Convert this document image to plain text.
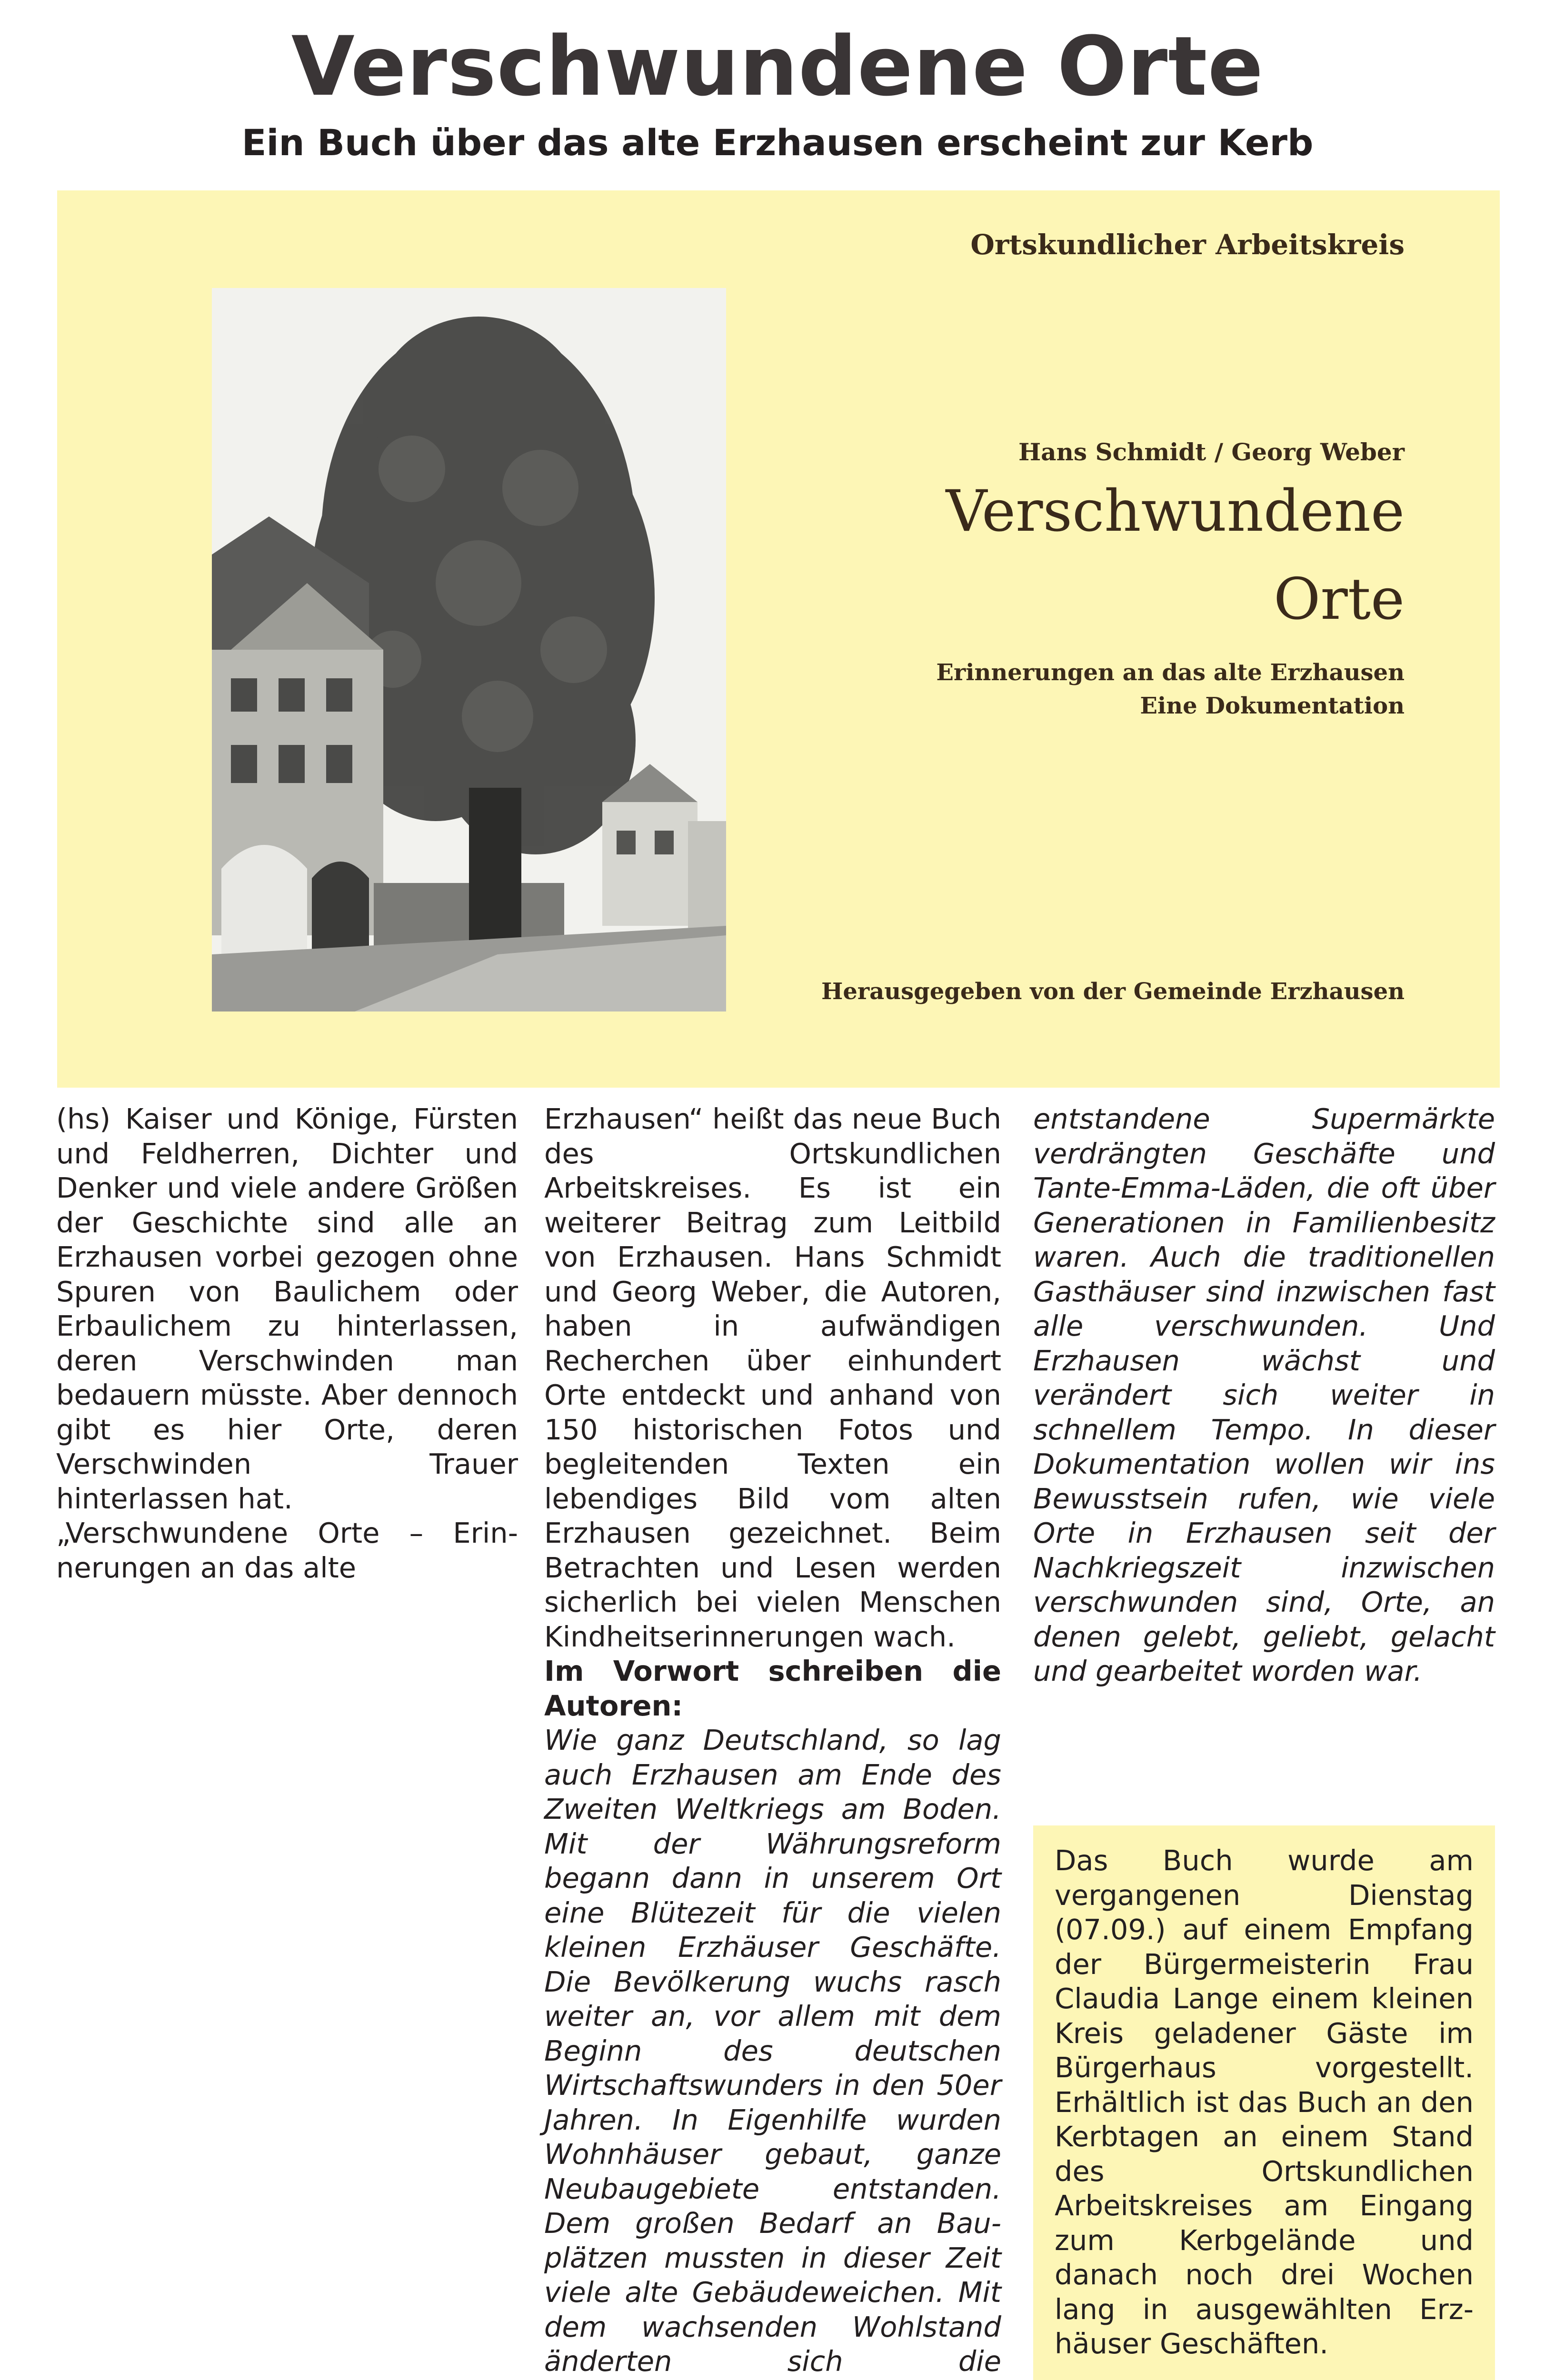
Verschwundene Orte
Ein Buch über das alte Erzhausen erscheint zur Kerb

Ortskundlicher Arbeitskreis

Hans Schmidt / Georg Weber

Verschwundene

Orte

Erinnerungen an das alte Erzhausen

Eine Dokumentation

Herausgegeben von der Gemeinde Erzhausen

(hs) Kaiser und Könige, Fürsten und Feldherren, Dichter und Denker und viele andere Größen der Geschichte sind alle an Erzhausen vorbei gezogen ohne Spuren von Baulichem oder Erbaulichem zu hinterlassen, deren Verschwinden man bedauern müsste. Aber dennoch gibt es hier Orte, deren Verschwinden Trauer hinterlassen hat.

„Verschwundene Orte – Erinnerungen an das alte

Erzhausen“ heißt das neue Buch des Ortskundlichen Arbeitskreises. Es ist ein weiterer Beitrag zum Leitbild von Erzhausen. Hans Schmidt und Georg Weber, die Autoren, haben in aufwändigen Recherchen über einhundert Orte entdeckt und anhand von 150 historischen Fotos und begleitenden Texten ein lebendiges Bild vom alten Erzhausen gezeichnet. Beim Betrachten und Lesen werden sicherlich bei vielen Menschen Kindheitserinnerungen wach.

Im Vorwort schreiben die Autoren:

Wie ganz Deutschland, so lag auch Erzhausen am Ende des Zweiten Weltkriegs am Boden. Mit der Währungsreform begann dann in unserem Ort eine Blütezeit für die vielen kleinen Erzhäuser Geschäfte. Die Bevölkerung wuchs rasch weiter an, vor allem mit dem Beginn des deutschen Wirtschaftswunders in den 50er Jahren. In Eigenhilfe wurden Wohnhäuser gebaut, ganze Neubaugebiete entstanden. Dem großen Bedarf an Bauplätzen mussten in dieser Zeit viele alte Gebäudeweichen. Mit dem wachsenden Wohlstand änderten sich die

Das Buch wurde am vergangenen Dienstag (07.09.) auf einem Empfang der Bürgermeisterin Frau Claudia Lange einem kleinen Kreis geladener Gäste im Bürgerhaus vorgestellt. Erhältlich ist das Buch an den Kerbtagen an einem Stand des Ortskundlichen Arbeitskreises am Eingang zum Kerbgelände und danach noch drei Wochen lang in ausgewählten Erzhäuser Geschäften.

entstandene Supermärkte verdrängten Geschäfte und Tante-Emma-Läden, die oft über Generationen in Familienbesitz waren. Auch die traditionellen Gasthäuser sind inzwischen fast alle verschwunden. Und Erzhausen wächst und verändert sich weiter in schnellem Tempo. In dieser Dokumentation wollen wir ins Bewusstsein rufen, wie viele Orte in Erzhausen seit der Nachkriegszeit inzwischen verschwunden sind, Orte, an denen gelebt, geliebt, gelacht und gearbeitet worden war.
